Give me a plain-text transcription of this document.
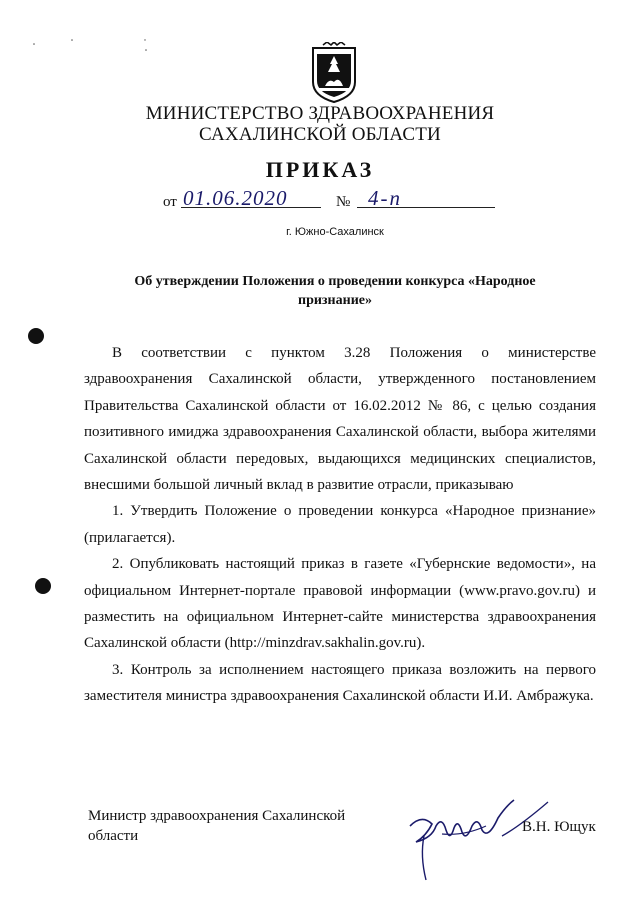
МИНИСТЕРСТВО ЗДРАВООХРАНЕНИЯ
САХАЛИНСКОЙ ОБЛАСТИ
ПРИКАЗ
от 01.06.2020	№ 4-п
г. Южно-Сахалинск
Об утверждении Положения о проведении конкурса «Народное признание»

В соответствии с пунктом 3.28 Положения о министерстве здравоохранения Сахалинской области, утвержденного постановлением Правительства Сахалинской области от 16.02.2012 № 86, с целью создания позитивного имиджа здравоохранения Сахалинской области, выбора жителями Сахалинской области передовых, выдающихся медицинских специалистов, внесшими большой личный вклад в развитие отрасли, приказываю

1. Утвердить Положение о проведении конкурса «Народное признание» (прилагается).

2. Опубликовать настоящий приказ в газете «Губернские ведомости», на официальном Интернет-портале правовой информации (www.pravo.gov.ru) и разместить на официальном Интернет-сайте министерства здравоохранения Сахалинской области (http://minzdrav.sakhalin.gov.ru).

3. Контроль за исполнением настоящего приказа возложить на первого заместителя министра здравоохранения Сахалинской области И.И. Амбражука.

Министр здравоохранения Сахалинской
области
В.Н. Ющук
